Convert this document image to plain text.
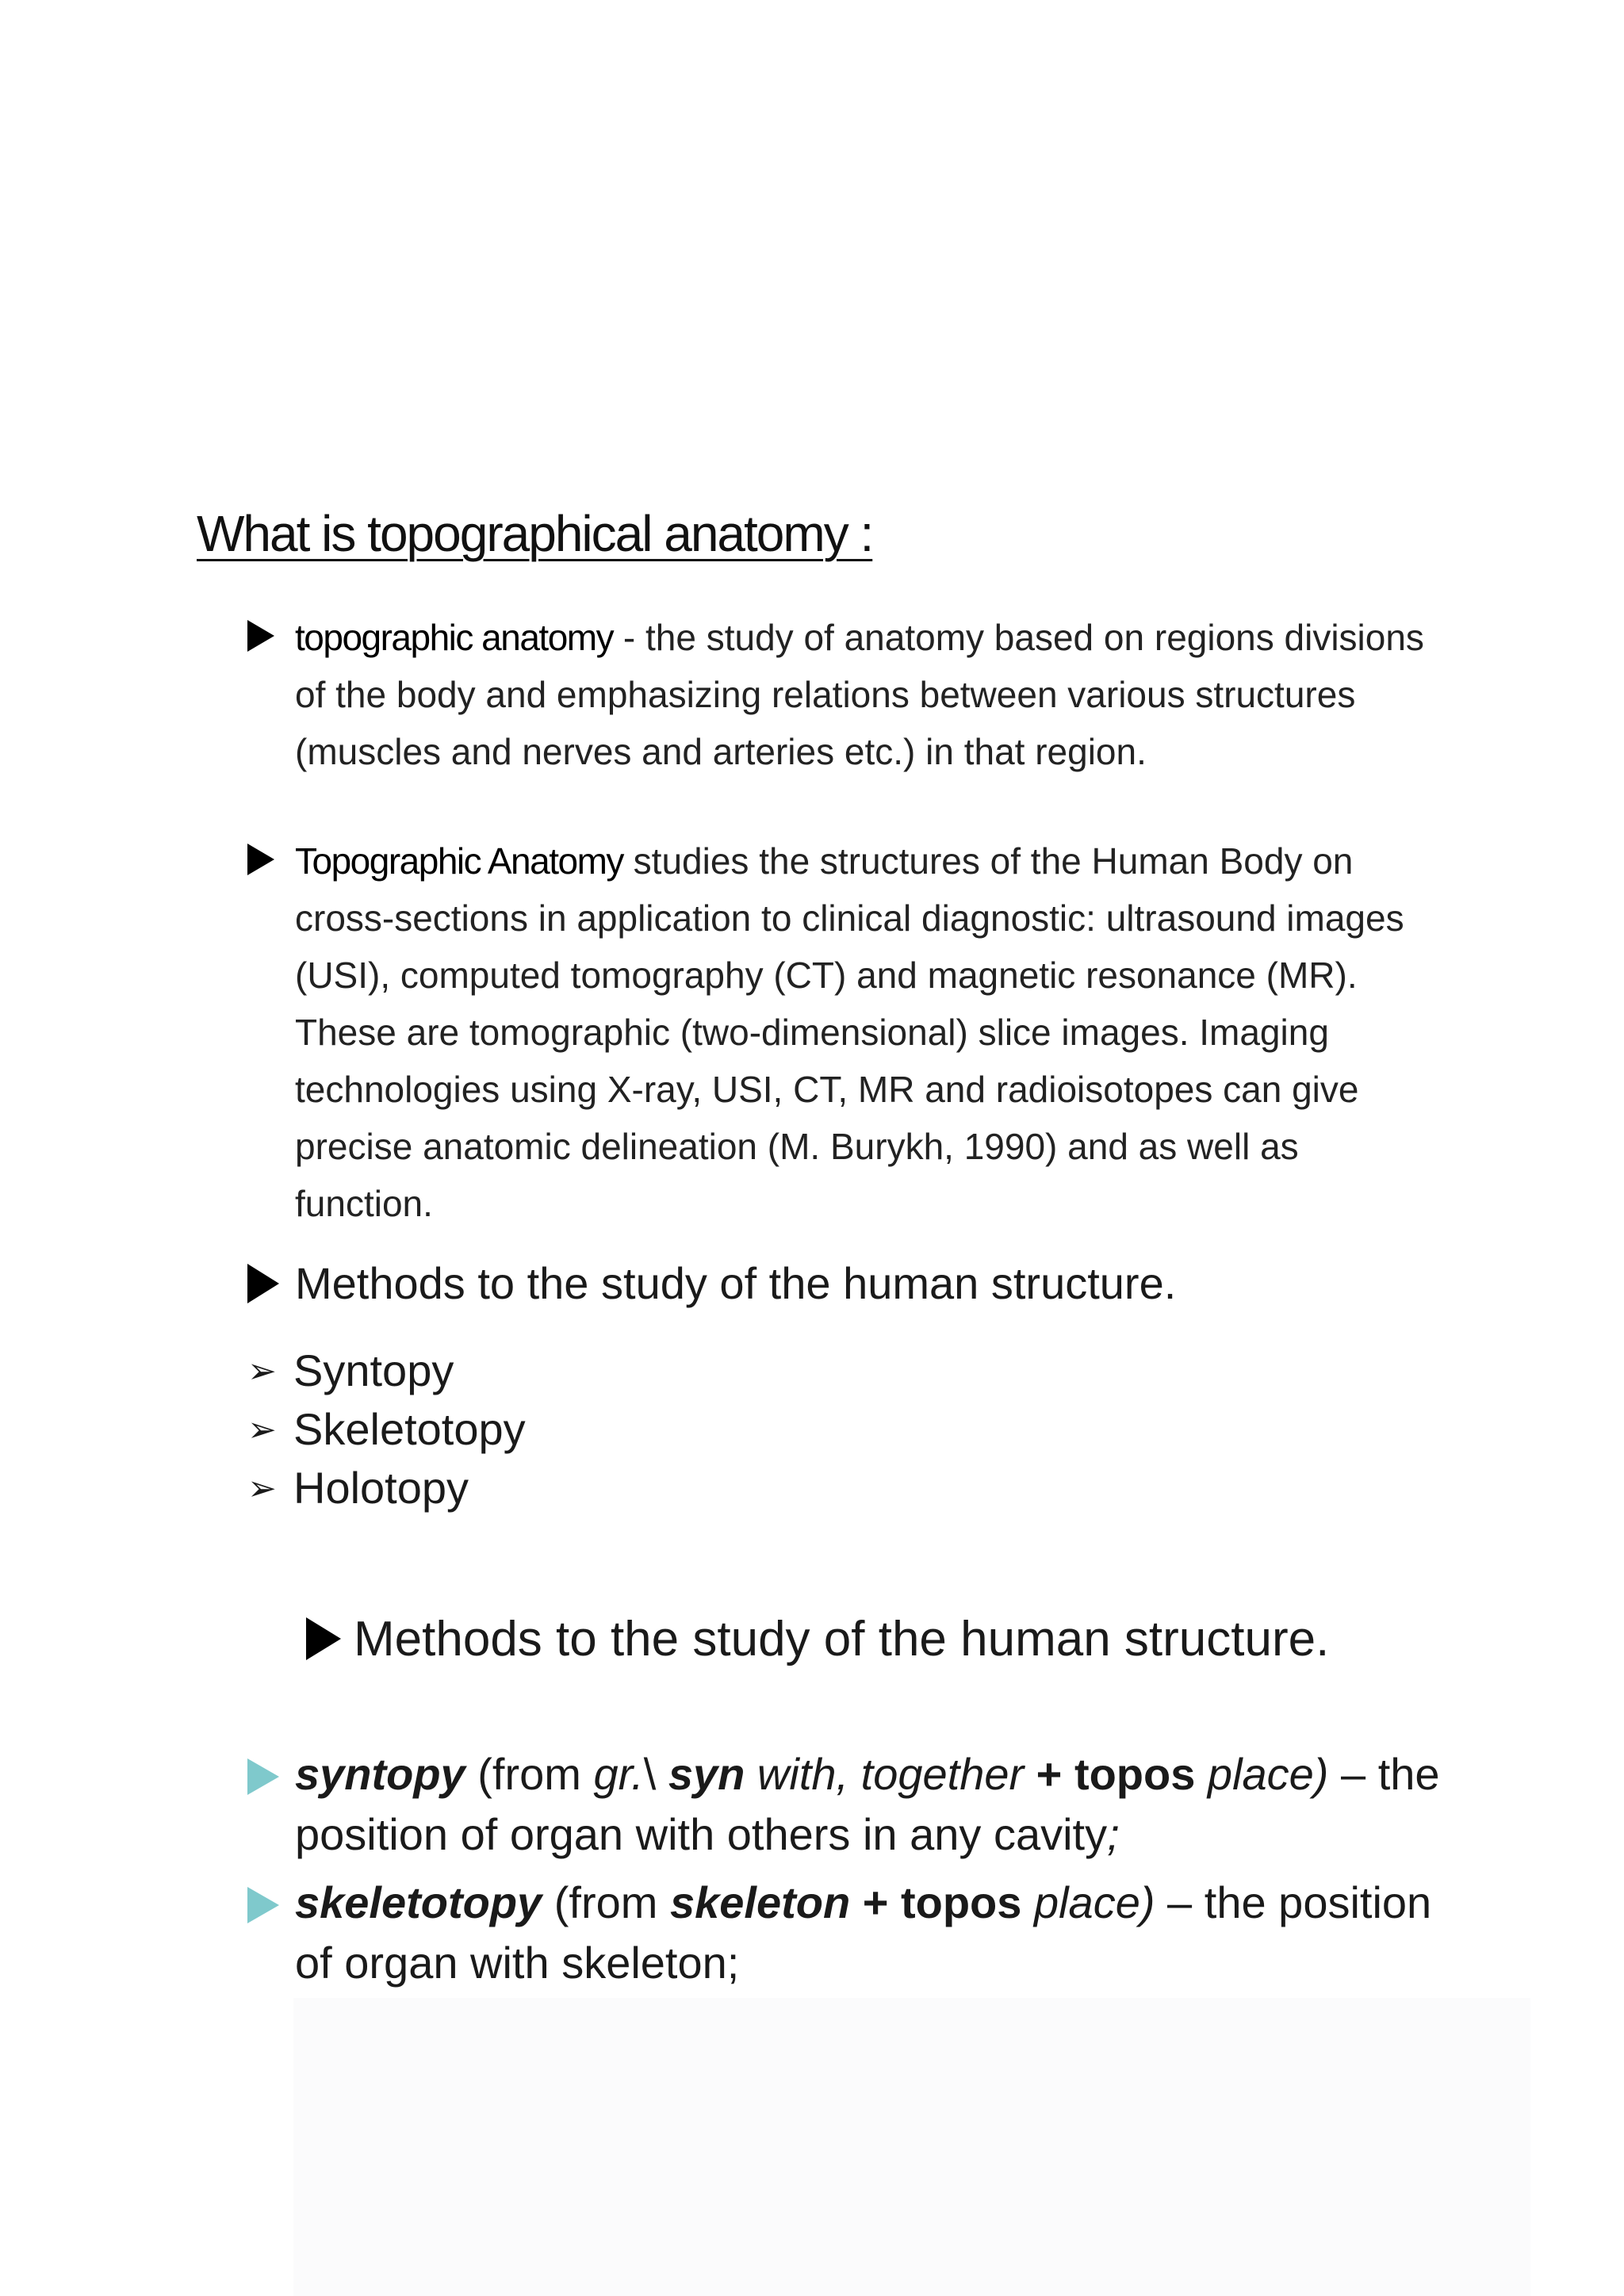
What is topographical anatomy :
topographic anatomy - the study of anatomy based on regions divisions of the body and emphasizing relations between various structures (muscles and nerves and arteries etc.) in that region.
Topographic Anatomy studies the structures of the Human Body on cross-sections in application to clinical diagnostic: ultrasound images (USI), computed tomography (CT) and magnetic resonance (MR). These are tomographic (two-dimensional) slice images. Imaging technologies using X-ray, USI, CT, MR and radioisotopes can give precise anatomic delineation (M. Burykh, 1990) and as well as function.
Methods to the study of the human structure.
➢ Syntopy
➢ Skeletotopy
➢ Holotopy
Methods to the study of the human structure.
syntopy (from gr.\ syn with, together + topos place) – the position of organ with others in any cavity;
skeletotopy (from skeleton + topos place) – the position of organ with skeleton;
